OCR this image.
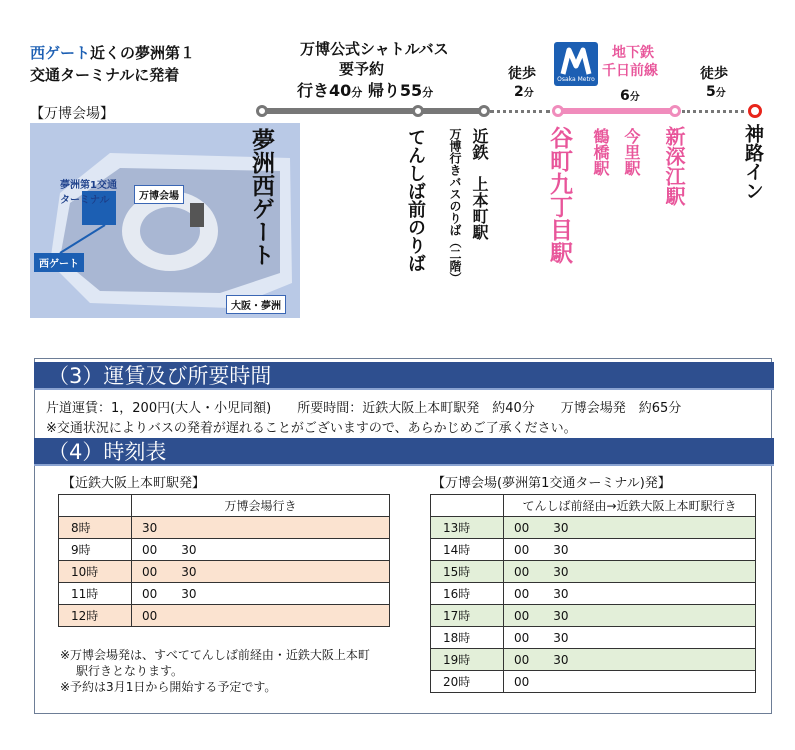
西ゲート近くの夢洲第１
交通ターミナルに発着
【万博会場】
夢洲第1交通ターミナル	万博会場
西ゲート
大阪・夢洲
夢洲西ゲート
万博公式シャトルバス
要予約
行き40分 帰り55分
徒歩
2分
Osaka Metro
地下鉄
千日前線
6分
徒歩
5分
てんしば前のりば	近鉄　上本町駅
万博行きバスのりば（二階）	谷町九丁目駅 鶴橋駅 今里駅 新深江駅	神路イン
（3）運賃及び所要時間
片道運賃：1，200円(大人・小児同額)　　所要時間：近鉄大阪上本町駅発　約40分　　万博会場発　約65分
※交通状況によりバスの発着が遅れることがございますので、あらかじめご了承ください。
（4）時刻表
【近鉄大阪上本町駅発】
	万博会場行き
8時	30
9時	00　　30
10時	00　　30
11時	00　　30
12時	00
※万博会場発は、すべててんしば前経由・近鉄大阪上本町
駅行きとなります。
※予約は3月1日から開始する予定です。
【万博会場(夢洲第1交通ターミナル)発】
	てんしば前経由→近鉄大阪上本町駅行き
13時	00　　30
14時	00　　30
15時	00　　30
16時	00　　30
17時	00　　30
18時	00　　30
19時	00　　30
20時	00
